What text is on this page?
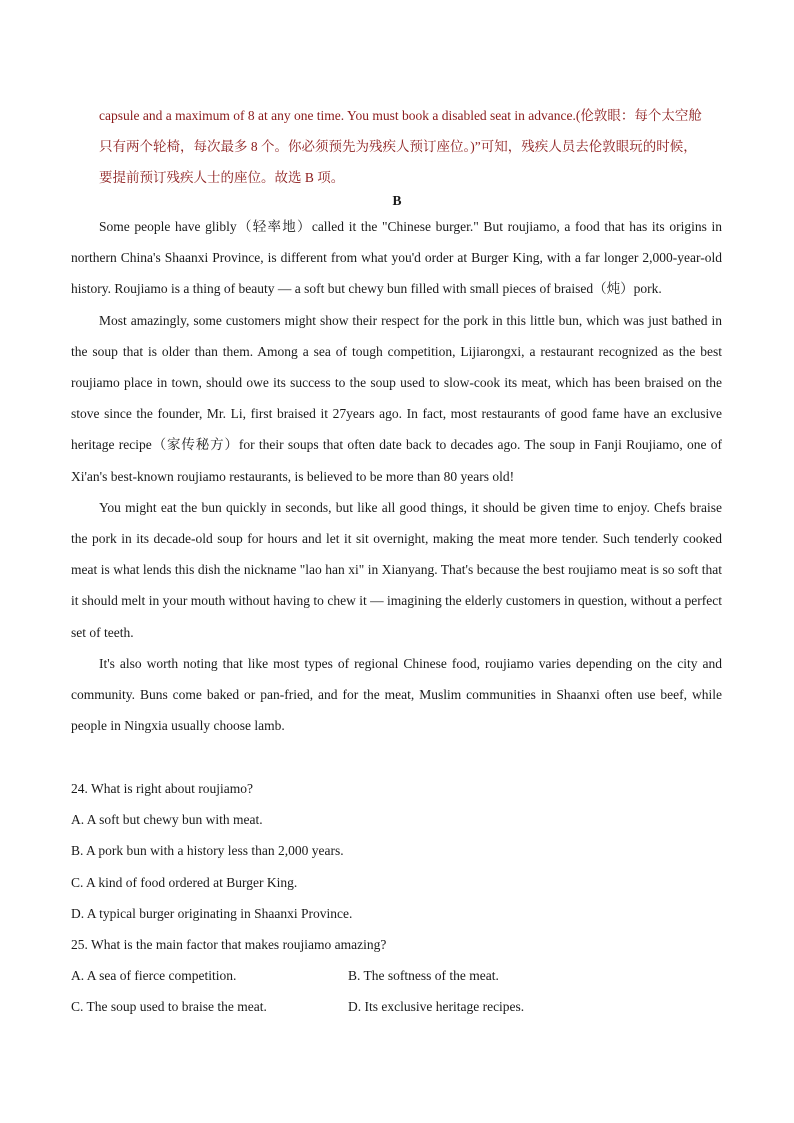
capsule and a maximum of 8 at any one time. You must book a disabled seat in advance.(伦敦眼：每个太空舱

只有两个轮椅，每次最多 8 个。你必须预先为残疾人预订座位。)”可知，残疾人员去伦敦眼玩的时候，

要提前预订残疾人士的座位。故选 B 项。

B

Some people have glibly（轻率地）called it the "Chinese burger." But roujiamo, a food that has its origins in northern China's Shaanxi Province, is different from what you'd order at Burger King, with a far longer 2,000-year-old history. Roujiamo is a thing of beauty — a soft but chewy bun filled with small pieces of braised（炖）pork.

Most amazingly, some customers might show their respect for the pork in this little bun, which was just bathed in the soup that is older than them. Among a sea of tough competition, Lijiarongxi, a restaurant recognized as the best roujiamo place in town, should owe its success to the soup used to slow-cook its meat, which has been braised on the stove since the founder, Mr. Li, first braised it 27years ago. In fact, most restaurants of good fame have an exclusive heritage recipe（家传秘方）for their soups that often date back to decades ago. The soup in Fanji Roujiamo, one of Xi'an's best-known roujiamo restaurants, is believed to be more than 80 years old!

You might eat the bun quickly in seconds, but like all good things, it should be given time to enjoy. Chefs braise the pork in its decade-old soup for hours and let it sit overnight, making the meat more tender. Such tenderly cooked meat is what lends this dish the nickname "lao han xi" in Xianyang. That's because the best roujiamo meat is so soft that it should melt in your mouth without having to chew it — imagining the elderly customers in question, without a perfect set of teeth.

It's also worth noting that like most types of regional Chinese food, roujiamo varies depending on the city and community. Buns come baked or pan-fried, and for the meat, Muslim communities in Shaanxi often use beef, while people in Ningxia usually choose lamb.

24. What is right about roujiamo?

A. A soft but chewy bun with meat.

B. A pork bun with a history less than 2,000 years.

C. A kind of food ordered at Burger King.

D. A typical burger originating in Shaanxi Province.

25. What is the main factor that makes roujiamo amazing?

A. A sea of fierce competition.	B. The softness of the meat.

C. The soup used to braise the meat.	D. Its exclusive heritage recipes.
